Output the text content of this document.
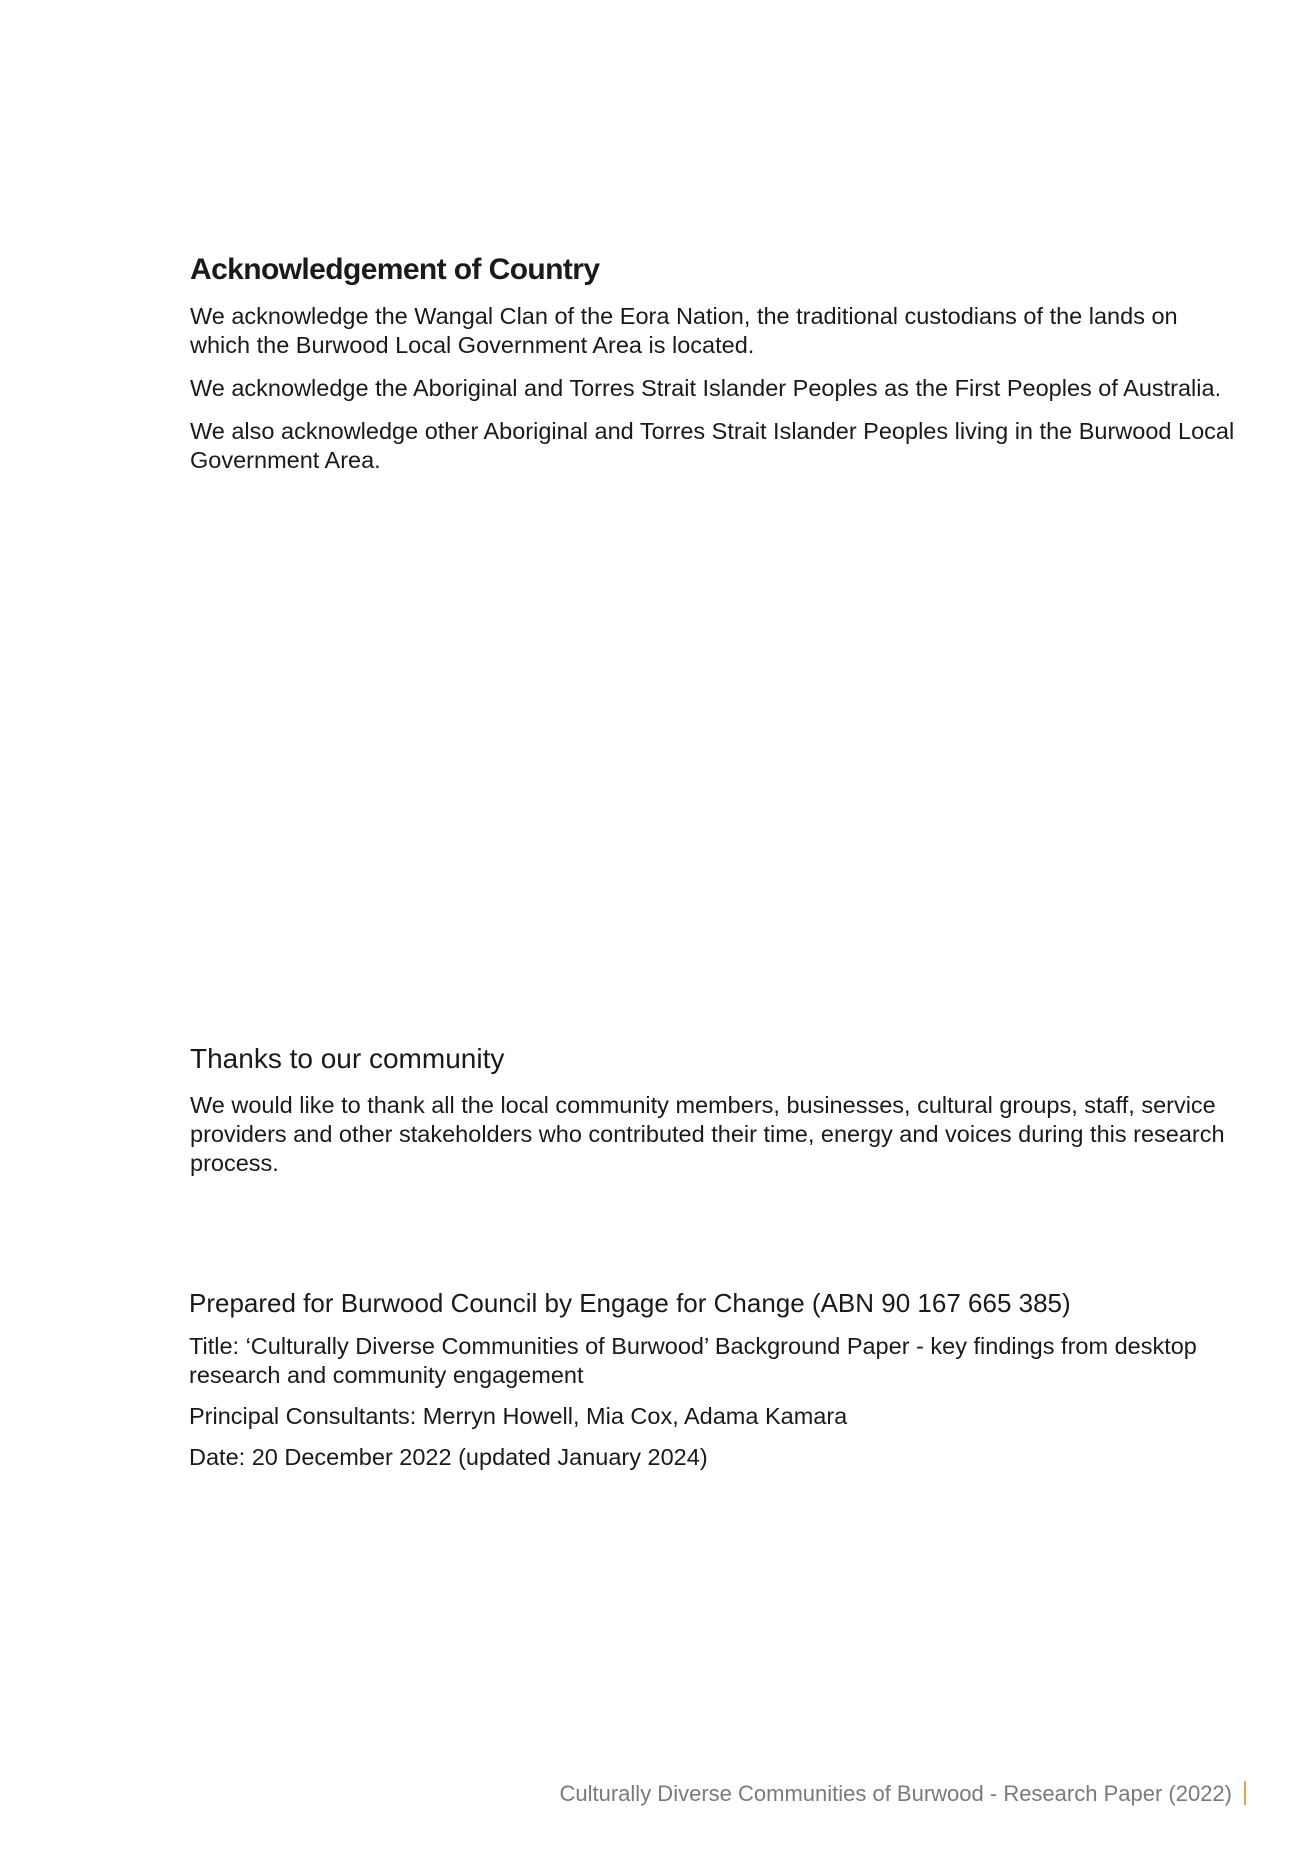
Acknowledgement of Country

We acknowledge the Wangal Clan of the Eora Nation, the traditional custodians of the lands on which the Burwood Local Government Area is located.

We acknowledge the Aboriginal and Torres Strait Islander Peoples as the First Peoples of Australia.

We also acknowledge other Aboriginal and Torres Strait Islander Peoples living in the Burwood Local Government Area.

Thanks to our community

We would like to thank all the local community members, businesses, cultural groups, staff, service providers and other stakeholders who contributed their time, energy and voices during this research process.

Prepared for Burwood Council by Engage for Change (ABN 90 167 665 385)

Title: ‘Culturally Diverse Communities of Burwood’ Background Paper - key findings from desktop research and community engagement

Principal Consultants: Merryn Howell, Mia Cox, Adama Kamara

Date: 20 December 2022 (updated January 2024)

Culturally Diverse Communities of Burwood - Research Paper (2022)
